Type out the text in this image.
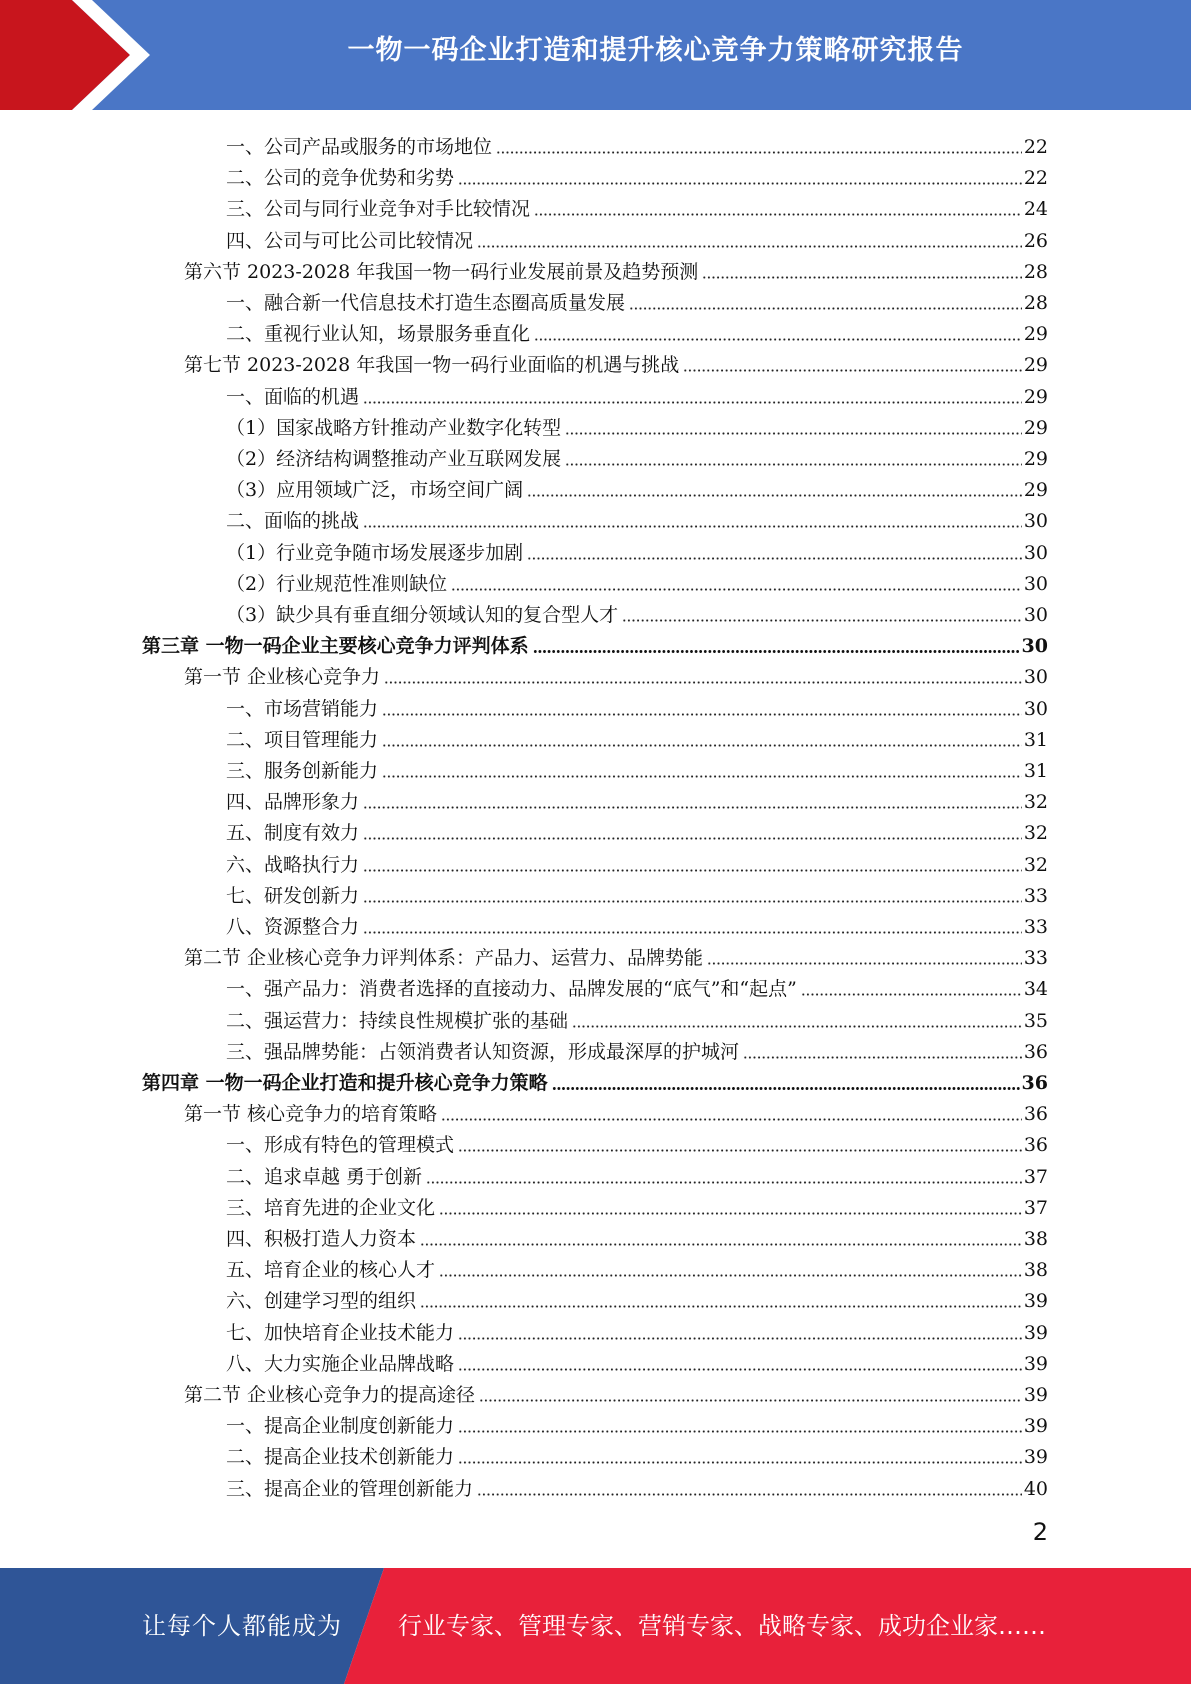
一物一码企业打造和提升核心竞争力策略研究报告
一、公司产品或服务的市场地位	22
二、公司的竞争优势和劣势	22
三、公司与同行业竞争对手比较情况	24
四、公司与可比公司比较情况	26
第六节 2023-2028 年我国一物一码行业发展前景及趋势预测	28
一、融合新一代信息技术打造生态圈高质量发展	28
二、重视行业认知，场景服务垂直化	29
第七节 2023-2028 年我国一物一码行业面临的机遇与挑战	29
一、面临的机遇	29
（1）国家战略方针推动产业数字化转型	29
（2）经济结构调整推动产业互联网发展	29
（3）应用领域广泛，市场空间广阔	29
二、面临的挑战	30
（1）行业竞争随市场发展逐步加剧	30
（2）行业规范性准则缺位	30
（3）缺少具有垂直细分领域认知的复合型人才	30
第三章 一物一码企业主要核心竞争力评判体系	30
第一节 企业核心竞争力	30
一、市场营销能力	30
二、项目管理能力	31
三、服务创新能力	31
四、品牌形象力	32
五、制度有效力	32
六、战略执行力	32
七、研发创新力	33
八、资源整合力	33
第二节 企业核心竞争力评判体系：产品力、运营力、品牌势能	33
一、强产品力：消费者选择的直接动力、品牌发展的“底气”和“起点”	34
二、强运营力：持续良性规模扩张的基础	35
三、强品牌势能：占领消费者认知资源，形成最深厚的护城河	36
第四章 一物一码企业打造和提升核心竞争力策略	36
第一节 核心竞争力的培育策略	36
一、形成有特色的管理模式	36
二、追求卓越 勇于创新	37
三、培育先进的企业文化	37
四、积极打造人力资本	38
五、培育企业的核心人才	38
六、创建学习型的组织	39
七、加快培育企业技术能力	39
八、大力实施企业品牌战略	39
第二节 企业核心竞争力的提高途径	39
一、提高企业制度创新能力	39
二、提高企业技术创新能力	39
三、提高企业的管理创新能力	40
2
让每个人都能成为 行业专家、管理专家、营销专家、战略专家、成功企业家……
